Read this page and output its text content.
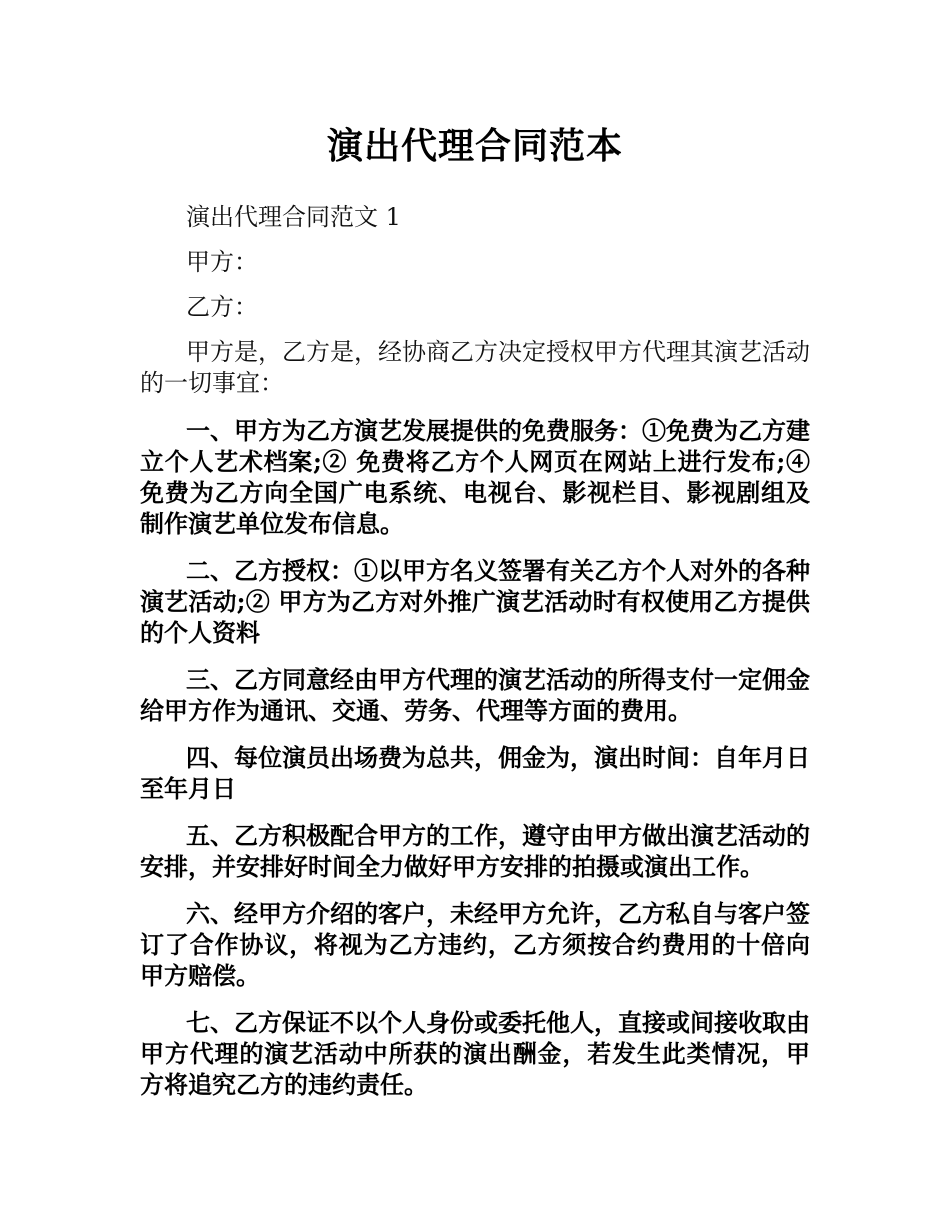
演出代理合同范本

演出代理合同范文 1

甲方：

乙方：

甲方是，乙方是，经协商乙方决定授权甲方代理其演艺活动的一切事宜：

一、甲方为乙方演艺发展提供的免费服务：①免费为乙方建立个人艺术档案;② 免费将乙方个人网页在网站上进行发布;④ 免费为乙方向全国广电系统、电视台、影视栏目、影视剧组及制作演艺单位发布信息。

二、乙方授权：①以甲方名义签署有关乙方个人对外的各种演艺活动;② 甲方为乙方对外推广演艺活动时有权使用乙方提供的个人资料

三、乙方同意经由甲方代理的演艺活动的所得支付一定佣金给甲方作为通讯、交通、劳务、代理等方面的费用。

四、每位演员出场费为总共，佣金为，演出时间：自年月日至年月日

五、乙方积极配合甲方的工作，遵守由甲方做出演艺活动的安排，并安排好时间全力做好甲方安排的拍摄或演出工作。

六、经甲方介绍的客户，未经甲方允许，乙方私自与客户签订了合作协议，将视为乙方违约，乙方须按合约费用的十倍向甲方赔偿。

七、乙方保证不以个人身份或委托他人，直接或间接收取由甲方代理的演艺活动中所获的演出酬金，若发生此类情况，甲方将追究乙方的违约责任。
